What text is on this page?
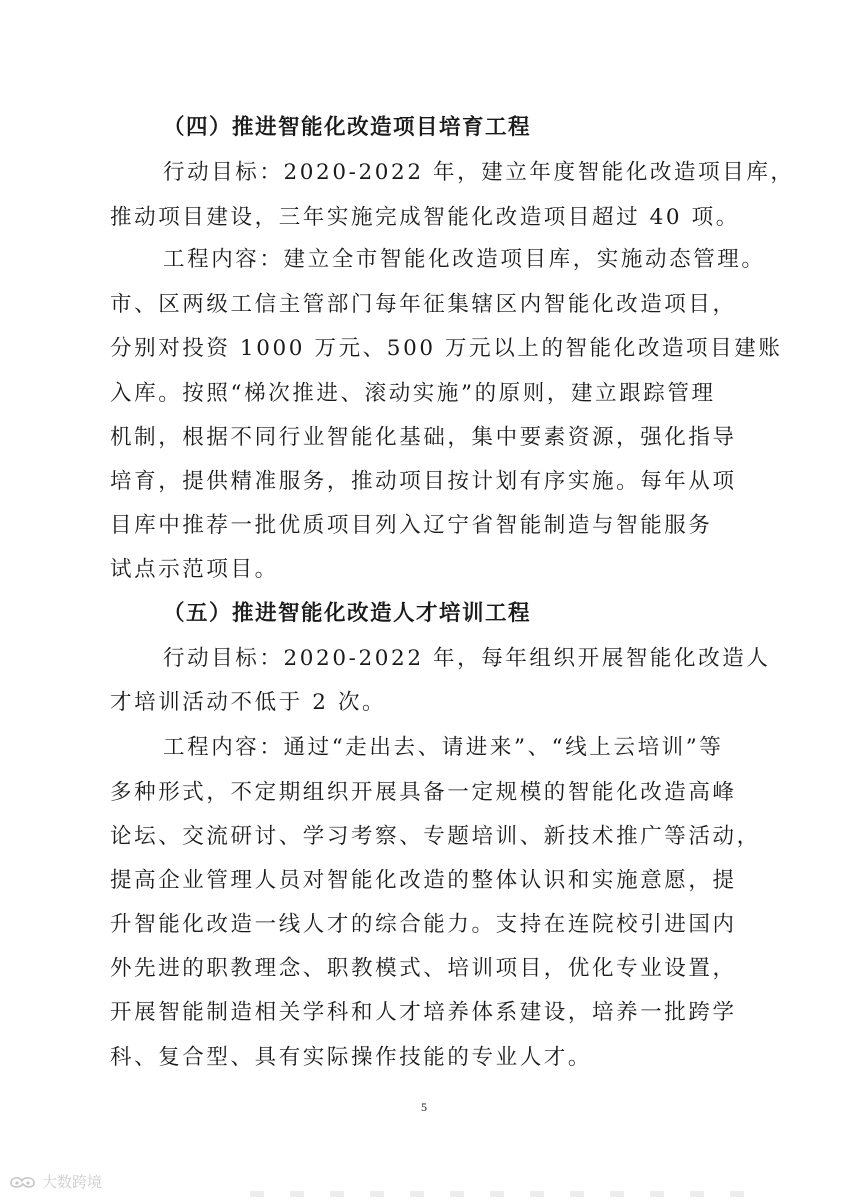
（四）推进智能化改造项目培育工程
行动目标：2020-2022 年，建立年度智能化改造项目库，
推动项目建设，三年实施完成智能化改造项目超过 40 项。
工程内容：建立全市智能化改造项目库，实施动态管理。
市、区两级工信主管部门每年征集辖区内智能化改造项目，
分别对投资 1000 万元、500 万元以上的智能化改造项目建账
入库。按照“梯次推进、滚动实施”的原则，建立跟踪管理
机制，根据不同行业智能化基础，集中要素资源，强化指导
培育，提供精准服务，推动项目按计划有序实施。每年从项
目库中推荐一批优质项目列入辽宁省智能制造与智能服务
试点示范项目。
（五）推进智能化改造人才培训工程
行动目标：2020-2022 年，每年组织开展智能化改造人
才培训活动不低于 2 次。
工程内容：通过“走出去、请进来”、“线上云培训”等
多种形式，不定期组织开展具备一定规模的智能化改造高峰
论坛、交流研讨、学习考察、专题培训、新技术推广等活动，
提高企业管理人员对智能化改造的整体认识和实施意愿，提
升智能化改造一线人才的综合能力。支持在连院校引进国内
外先进的职教理念、职教模式、培训项目，优化专业设置，
开展智能制造相关学科和人才培养体系建设，培养一批跨学
科、复合型、具有实际操作技能的专业人才。
5
大数跨境
